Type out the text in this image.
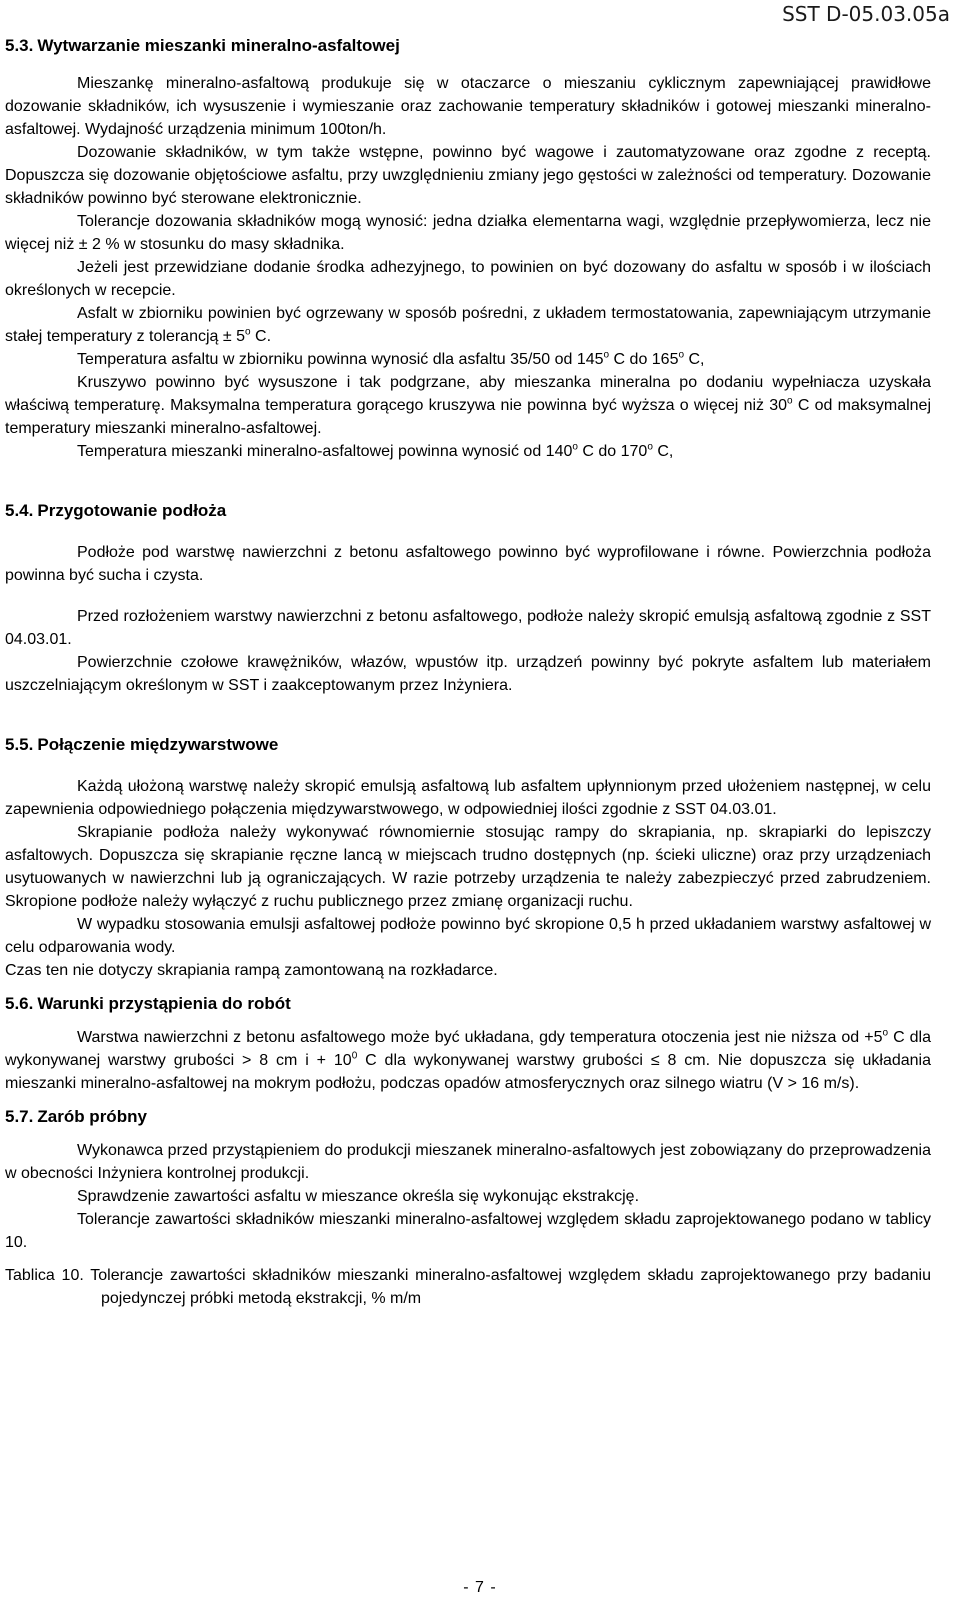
SST D-05.03.05a
5.3. Wytwarzanie mieszanki mineralno-asfaltowej

Mieszankę mineralno-asfaltową produkuje się w otaczarce o mieszaniu cyklicznym zapewniającej prawidłowe dozowanie składników, ich wysuszenie i wymieszanie oraz zachowanie temperatury składników i gotowej mieszanki mineralno-asfaltowej. Wydajność urządzenia minimum 100ton/h.

Dozowanie składników, w tym także wstępne, powinno być wagowe i zautomatyzowane oraz zgodne z receptą. Dopuszcza się dozowanie objętościowe asfaltu, przy uwzględnieniu zmiany jego gęstości w zależności od temperatury. Dozowanie składników powinno być sterowane elektronicznie.

Tolerancje dozowania składników mogą wynosić: jedna działka elementarna wagi, względnie przepływomierza, lecz nie więcej niż ± 2 % w stosunku do masy składnika.

Jeżeli jest przewidziane dodanie środka adhezyjnego, to powinien on być dozowany do asfaltu w sposób i w ilościach określonych w recepcie.

Asfalt w zbiorniku powinien być ogrzewany w sposób pośredni, z układem termostatowania, zapewniającym utrzymanie stałej temperatury z tolerancją ± $5^o$ C.

Temperatura asfaltu w zbiorniku powinna wynosić dla asfaltu 35/50 od 145$^o$ C do 165$^o$ C,

Kruszywo powinno być wysuszone i tak podgrzane, aby mieszanka mineralna po dodaniu wypełniacza uzyskała właściwą temperaturę. Maksymalna temperatura gorącego kruszywa nie powinna być wyższa o więcej niż 30$^o$ C od maksymalnej temperatury mieszanki mineralno-asfaltowej.

Temperatura mieszanki mineralno-asfaltowej powinna wynosić od 140$^o$ C do 170$^o$ C,

5.4. Przygotowanie podłoża

Podłoże pod warstwę nawierzchni z betonu asfaltowego powinno być wyprofilowane i równe. Powierzchnia podłoża powinna być sucha i czysta.

Przed rozłożeniem warstwy nawierzchni z betonu asfaltowego, podłoże należy skropić emulsją asfaltową zgodnie z SST 04.03.01.

Powierzchnie czołowe krawężników, włazów, wpustów itp. urządzeń powinny być pokryte asfaltem lub materiałem uszczelniającym określonym w SST i zaakceptowanym przez Inżyniera.

5.5. Połączenie międzywarstwowe

Każdą ułożoną warstwę należy skropić emulsją asfaltową lub asfaltem upłynnionym przed ułożeniem następnej, w celu zapewnienia odpowiedniego połączenia międzywarstwowego, w odpowiedniej ilości zgodnie z SST 04.03.01.

Skrapianie podłoża należy wykonywać równomiernie stosując rampy do skrapiania, np. skrapiarki do lepiszczy asfaltowych. Dopuszcza się skrapianie ręczne lancą w miejscach trudno dostępnych (np. ścieki uliczne) oraz przy urządzeniach usytuowanych w nawierzchni lub ją ograniczających. W razie potrzeby urządzenia te należy zabezpieczyć przed zabrudzeniem. Skropione podłoże należy wyłączyć z ruchu publicznego przez zmianę organizacji ruchu.

W wypadku stosowania emulsji asfaltowej podłoże powinno być skropione 0,5 h przed układaniem warstwy asfaltowej w celu odparowania wody.

Czas ten nie dotyczy skrapiania rampą zamontowaną na rozkładarce.

5.6. Warunki przystąpienia do robót

Warstwa nawierzchni z betonu asfaltowego może być układana, gdy temperatura otoczenia jest nie niższa od $+5^o$ C dla wykonywanej warstwy grubości > 8 cm $i + 10^0$ C dla wykonywanej warstwy grubości ≤ 8 cm. Nie dopuszcza się układania mieszanki mineralno-asfaltowej na mokrym podłożu, podczas opadów atmosferycznych oraz silnego wiatru (V > 16 m/s).

5.7. Zarób próbny

Wykonawca przed przystąpieniem do produkcji mieszanek mineralno-asfaltowych jest zobowiązany do przeprowadzenia w obecności Inżyniera kontrolnej produkcji.

Sprawdzenie zawartości asfaltu w mieszance określa się wykonując ekstrakcję.

Tolerancje zawartości składników mieszanki mineralno-asfaltowej względem składu zaprojektowanego podano w tablicy 10.

Tablica 10. Tolerancje zawartości składników mieszanki mineralno-asfaltowej względem składu zaprojektowanego przy badaniu pojedynczej próbki metodą ekstrakcji, % m/m

- 7 -
